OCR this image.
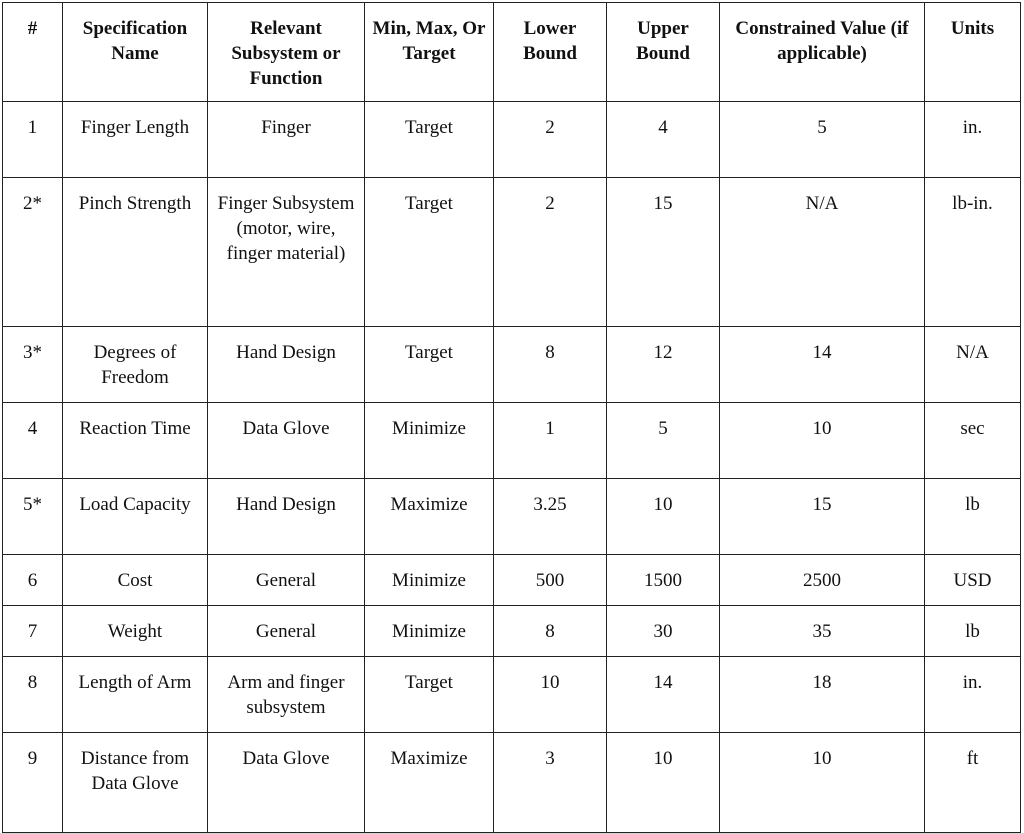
#	Specification Name	Relevant Subsystem or Function	Min, Max, Or Target	Lower Bound	Upper Bound	Constrained Value (if applicable)	Units
1	Finger Length	Finger	Target	2	4	5	in.
2*	Pinch Strength	Finger Subsystem (motor, wire, finger material)	Target	2	15	N/A	lb-in.
3*	Degrees of Freedom	Hand Design	Target	8	12	14	N/A
4	Reaction Time	Data Glove	Minimize	1	5	10	sec
5*	Load Capacity	Hand Design	Maximize	3.25	10	15	lb
6	Cost	General	Minimize	500	1500	2500	USD
7	Weight	General	Minimize	8	30	35	lb
8	Length of Arm	Arm and finger subsystem	Target	10	14	18	in.
9	Distance from Data Glove	Data Glove	Maximize	3	10	10	ft
